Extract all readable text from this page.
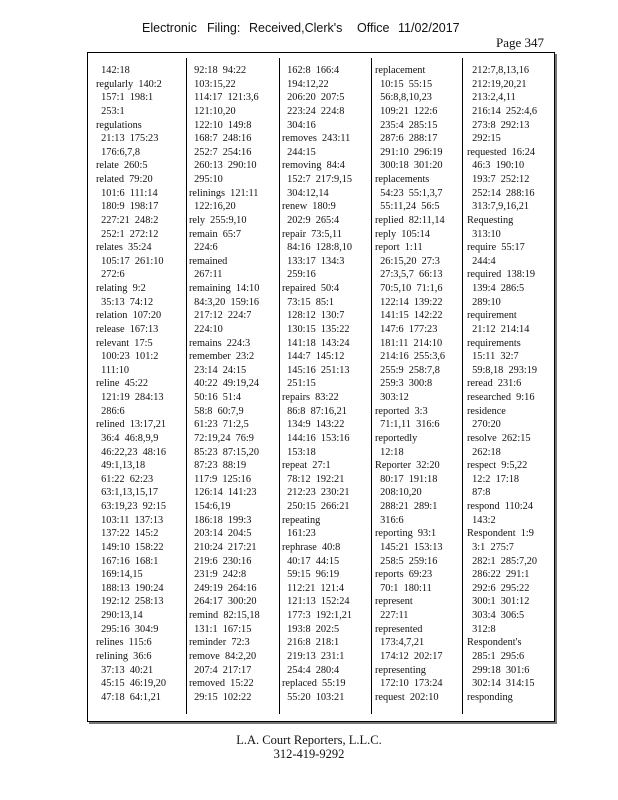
Electronic Filing: Received,Clerk's Office 11/02/2017
Page 347
142:18
regularly  140:2
157:1  198:1
253:1
regulations
21:13  175:23
176:6,7,8
relate  260:5
related  79:20
101:6  111:14
180:9  198:17
227:21  248:2
252:1  272:12
relates  35:24
105:17  261:10
272:6
relating  9:2
35:13  74:12
relation  107:20
release  167:13
relevant  17:5
100:23  101:2
111:10
reline  45:22
121:19  284:13
286:6
relined  13:17,21
36:4  46:8,9,9
46:22,23  48:16
49:1,13,18
61:22  62:23
63:1,13,15,17
63:19,23  92:15
103:11  137:13
137:22  145:2
149:10  158:22
167:16  168:1
169:14,15
188:13  190:24
192:12  258:13
290:13,14
295:16  304:9
relines  115:6
relining  36:6
37:13  40:21
45:15  46:19,20
47:18  64:1,21
92:18  94:22
103:15,22
114:17  121:3,6
121:10,20
122:10  149:8
168:7  248:16
252:7  254:16
260:13  290:10
295:10
relinings  121:11
122:16,20
rely  255:9,10
remain  65:7
224:6
remained
267:11
remaining  14:10
84:3,20  159:16
217:12  224:7
224:10
remains  224:3
remember  23:2
23:14  24:15
40:22  49:19,24
50:16  51:4
58:8  60:7,9
61:23  71:2,5
72:19,24  76:9
85:23  87:15,20
87:23  88:19
117:9  125:16
126:14  141:23
154:6,19
186:18  199:3
203:14  204:5
210:24  217:21
219:6  230:16
231:9  242:8
249:19  264:16
264:17  300:20
remind  82:15,18
131:1  167:15
reminder  72:3
remove  84:2,20
207:4  217:17
removed  15:22
29:15  102:22
162:8  166:4
194:12,22
206:20  207:5
223:24  224:8
304:16
removes  243:11
244:15
removing  84:4
152:7  217:9,15
304:12,14
renew  180:9
202:9  265:4
repair  73:5,11
84:16  128:8,10
133:17  134:3
259:16
repaired  50:4
73:15  85:1
128:12  130:7
130:15  135:22
141:18  143:24
144:7  145:12
145:16  251:13
251:15
repairs  83:22
86:8  87:16,21
134:9  143:22
144:16  153:16
153:18
repeat  27:1
78:12  192:21
212:23  230:21
250:15  266:21
repeating
161:23
rephrase  40:8
40:17  44:15
59:15  96:19
112:21  121:4
121:13  152:24
177:3  192:1,21
193:8  202:5
216:8  218:1
219:13  231:1
254:4  280:4
replaced  55:19
55:20  103:21
replacement
10:15  55:15
56:8,8,10,23
109:21  122:6
235:4  285:15
287:6  288:17
291:10  296:19
300:18  301:20
replacements
54:23  55:1,3,7
55:11,24  56:5
replied  82:11,14
reply  105:14
report  1:11
26:15,20  27:3
27:3,5,7  66:13
70:5,10  71:1,6
122:14  139:22
141:15  142:22
147:6  177:23
181:11  214:10
214:16  255:3,6
255:9  258:7,8
259:3  300:8
303:12
reported  3:3
71:1,11  316:6
reportedly
12:18
Reporter  32:20
80:17  191:18
208:10,20
288:21  289:1
316:6
reporting  93:1
145:21  153:13
258:5  259:16
reports  69:23
70:1  180:11
represent
227:11
represented
173:4,7,21
174:12  202:17
representing
172:10  173:24
request  202:10
212:7,8,13,16
212:19,20,21
213:2,4,11
216:14  252:4,6
273:8  292:13
292:15
requested  16:24
46:3  190:10
193:7  252:12
252:14  288:16
313:7,9,16,21
Requesting
313:10
require  55:17
244:4
required  138:19
139:4  286:5
289:10
requirement
21:12  214:14
requirements
15:11  32:7
59:8,18  293:19
reread  231:6
researched  9:16
residence
270:20
resolve  262:15
262:18
respect  9:5,22
12:2  17:18
87:8
respond  110:24
143:2
Respondent  1:9
3:1  275:7
282:1  285:7,20
286:22  291:1
292:6  295:22
300:1  301:12
303:4  306:5
312:8
Respondent's
285:1  295:6
299:18  301:6
302:14  314:15
responding
L.A. Court Reporters, L.L.C.
312-419-9292
